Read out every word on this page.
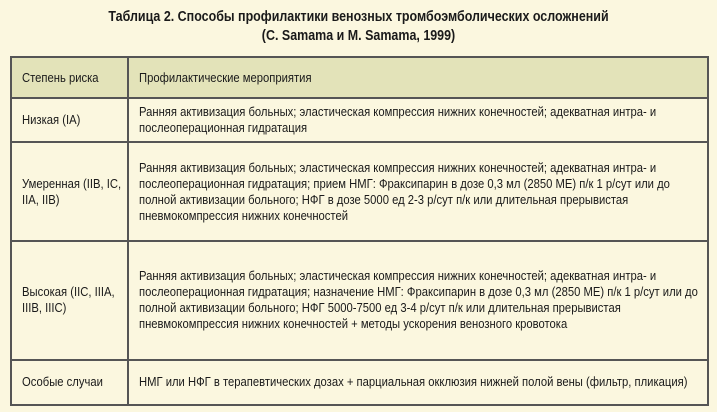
Таблица 2. Способы профилактики венозных тромбоэмболических осложнений
(C. Samama и M. Samama, 1999)
Степень риска	Профилактические мероприятия
Низкая (IA)	Ранняя активизация больных; эластическая компрессия нижних конечностей; адекватная интра- и послеоперационная гидратация

Умеренная (IIB, IC, IIA, IIB)	Ранняя активизация больных; эластическая компрессия нижних конечностей; адекватная интра- и послеоперационная гидратация; прием НМГ: Фраксипарин в дозе 0,3 мл (2850 МЕ) п/к 1 р/сут или до полной активизации больного; НФГ в дозе 5000 ед 2-3 р/сут п/к или длительная прерывистая пневмокомпрессия нижних конечностей

Высокая (IIC, IIIA, IIIB, IIIC)	Ранняя активизация больных; эластическая компрессия нижних конечностей; адекватная интра- и послеоперационная гидратация; назначение НМГ: Фраксипарин в дозе 0,3 мл (2850 МЕ) п/к 1 р/сут или до полной активизации больного; НФГ 5000-7500 ед 3-4 р/сут п/к или длительная прерывистая пневмокомпрессия нижних конечностей + методы ускорения венозного кровотока

Особые случаи	НМГ или НФГ в терапевтических дозах + парциальная окклюзия нижней полой вены (фильтр, пликация)
